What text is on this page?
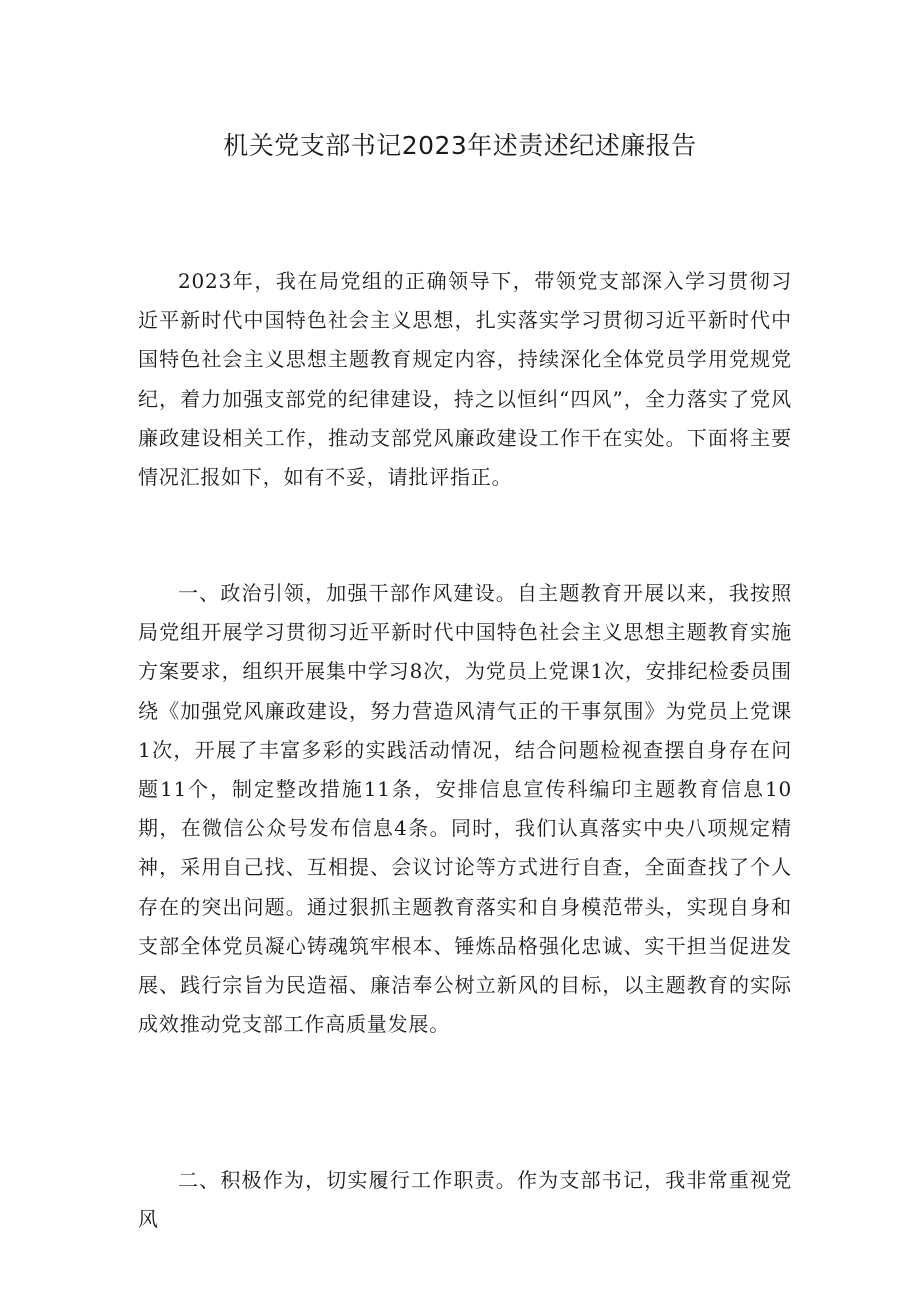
机关党支部书记2023年述责述纪述廉报告

2023年，我在局党组的正确领导下，带领党支部深入学习贯彻习近平新时代中国特色社会主义思想，扎实落实学习贯彻习近平新时代中国特色社会主义思想主题教育规定内容，持续深化全体党员学用党规党纪，着力加强支部党的纪律建设，持之以恒纠“四风”，全力落实了党风廉政建设相关工作，推动支部党风廉政建设工作干在实处。下面将主要情况汇报如下，如有不妥，请批评指正。

一、政治引领，加强干部作风建设。自主题教育开展以来，我按照局党组开展学习贯彻习近平新时代中国特色社会主义思想主题教育实施方案要求，组织开展集中学习8次，为党员上党课1次，安排纪检委员围绕《加强党风廉政建设，努力营造风清气正的干事氛围》为党员上党课1次，开展了丰富多彩的实践活动情况，结合问题检视查摆自身存在问题11个，制定整改措施11条，安排信息宣传科编印主题教育信息10期，在微信公众号发布信息4条。同时，我们认真落实中央八项规定精神，采用自己找、互相提、会议讨论等方式进行自查，全面查找了个人存在的突出问题。通过狠抓主题教育落实和自身模范带头，实现自身和支部全体党员凝心铸魂筑牢根本、锤炼品格强化忠诚、实干担当促进发展、践行宗旨为民造福、廉洁奉公树立新风的目标，以主题教育的实际成效推动党支部工作高质量发展。

二、积极作为，切实履行工作职责。作为支部书记，我非常重视党风
